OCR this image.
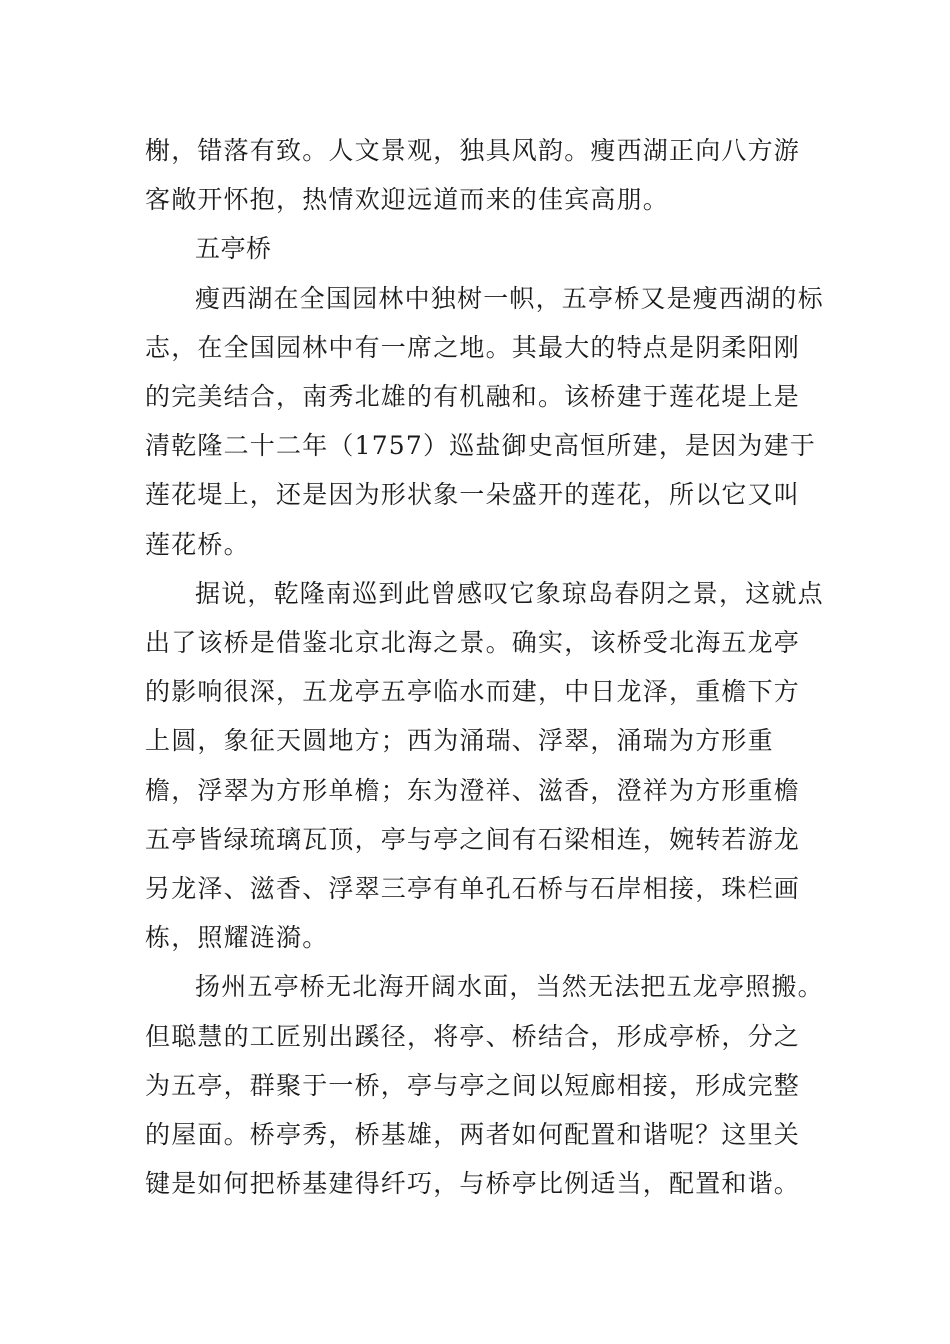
榭，错落有致。人文景观，独具风韵。瘦西湖正向八方游客敞开怀抱，热情欢迎远道而来的佳宾高朋。

五亭桥

瘦西湖在全国园林中独树一帜，五亭桥又是瘦西湖的标志，在全国园林中有一席之地。其最大的特点是阴柔阳刚的完美结合，南秀北雄的有机融和。该桥建于莲花堤上是清乾隆二十二年（1757）巡盐御史高恒所建，是因为建于莲花堤上，还是因为形状象一朵盛开的莲花，所以它又叫莲花桥。

据说，乾隆南巡到此曾感叹它象琼岛春阴之景，这就点出了该桥是借鉴北京北海之景。确实，该桥受北海五龙亭的影响很深，五龙亭五亭临水而建，中日龙泽，重檐下方上圆，象征天圆地方；西为涌瑞、浮翠，涌瑞为方形重檐，浮翠为方形单檐；东为澄祥、滋香，澄祥为方形重檐五亭皆绿琉璃瓦顶，亭与亭之间有石梁相连，婉转若游龙另龙泽、滋香、浮翠三亭有单孔石桥与石岸相接，珠栏画栋，照耀涟漪。

扬州五亭桥无北海开阔水面，当然无法把五龙亭照搬。但聪慧的工匠别出蹊径，将亭、桥结合，形成亭桥，分之为五亭，群聚于一桥，亭与亭之间以短廊相接，形成完整的屋面。桥亭秀，桥基雄，两者如何配置和谐呢？这里关键是如何把桥基建得纤巧，与桥亭比例适当，配置和谐。
